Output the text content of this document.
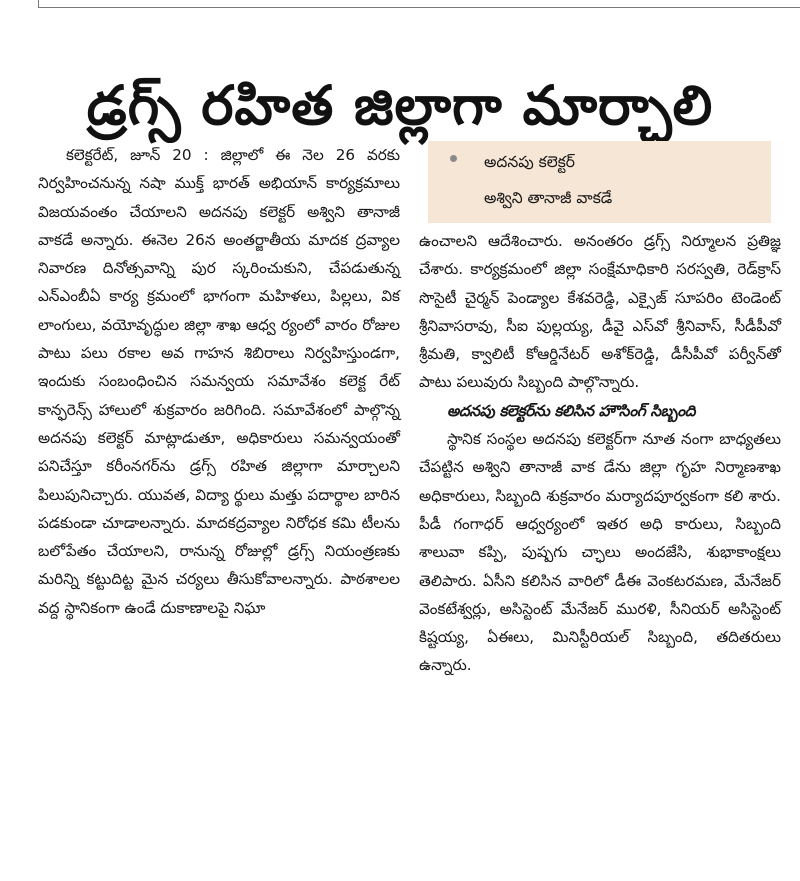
డ్రగ్స్ రహిత జిల్లాగా మార్చాలి

కలెక్టరేట్, జూన్ 20 : జిల్లాలో ఈ నెల 26 వరకు నిర్వహించనున్న నషా ముక్త్ భారత్ అభియాన్ కార్యక్రమాలు విజయవంతం చేయాలని అదనపు కలెక్టర్ అశ్విని తానాజీ వాకడే అన్నారు. ఈనెల 26న అంతర్జాతీయ మాదక ద్రవ్యాల నివారణ దినోత్సవాన్ని పుర స్కరించుకుని, చేపడుతున్న ఎన్ఎంబీఏ కార్య క్రమంలో భాగంగా మహిళలు, పిల్లలు, విక లాంగులు, వయోవృద్ధుల జిల్లా శాఖ ఆధ్వ ర్యంలో వారం రోజుల పాటు పలు రకాల అవ గాహన శిబిరాలు నిర్వహిస్తుండగా, ఇందుకు సంబంధించిన సమన్వయ సమావేశం కలెక్ట రేట్ కాన్ఫరెన్స్ హాలులో శుక్రవారం జరిగింది. సమావేశంలో పాల్గొన్న అదనపు కలెక్టర్ మాట్లాడుతూ, అధికారులు సమన్వయంతో పనిచేస్తూ కరీంనగర్‌ను డ్రగ్స్ రహిత జిల్లాగా మార్చాలని పిలుపునిచ్చారు. యువత, విద్యా ర్థులు మత్తు పదార్థాల బారిన పడకుండా చూడాలన్నారు. మాదకద్రవ్యాల నిరోధక కమి టీలను బలోపేతం చేయాలని, రానున్న రోజుల్లో డ్రగ్స్ నియంత్రణకు మరిన్ని కట్టుదిట్ట మైన చర్యలు తీసుకోవాలన్నారు. పాఠశాలల వద్ద స్థానికంగా ఉండే దుకాణాలపై నిఘా

అదనపు కలెక్టర్
అశ్విని తానాజీ వాకడే

ఉంచాలని ఆదేశించారు. అనంతరం డ్రగ్స్ నిర్మూలన ప్రతిజ్ఞ చేశారు. కార్యక్రమంలో జిల్లా సంక్షేమాధికారి సరస్వతి, రెడ్‌క్రాస్ సొసైటీ చైర్మన్ పెండ్యాల కేశవరెడ్డి, ఎక్సైజ్ సూపరిం టెండెంట్ శ్రీనివాసరావు, సీఐ పుల్లయ్య, డీవై ఎస్‌వో శ్రీనివాస్, సీడీపీవో శ్రీమతి, క్వాలిటీ కోఆర్డినేటర్ అశోక్‌రెడ్డి, డీసీపీవో పర్వీన్‌తో పాటు పలువురు సిబ్బంది పాల్గొన్నారు.

అదనపు కలెక్టర్‌ను కలిసిన హౌసింగ్ సిబ్బంది

స్థానిక సంస్థల అదనపు కలెక్టర్‌గా నూత నంగా బాధ్యతలు చేపట్టిన అశ్విని తానాజీ వాక డేను జిల్లా గృహ నిర్మాణశాఖ అధికారులు, సిబ్బంది శుక్రవారం మర్యాదపూర్వకంగా కలి శారు. పీడీ గంగాధర్ ఆధ్వర్యంలో ఇతర అధి కారులు, సిబ్బంది శాలువా కప్పి, పుష్పగు చ్ఛాలు అందజేసి, శుభాకాంక్షలు తెలిపారు. ఏసీని కలిసిన వారిలో డీఈ వెంకటరమణ, మేనేజర్ వెంకటేశ్వర్లు, అసిస్టెంట్ మేనేజర్ మురళి, సీనియర్ అసిస్టెంట్ కిష్టయ్య, ఏఈలు, మినిస్టీరియల్ సిబ్బంది, తదితరులు ఉన్నారు.
